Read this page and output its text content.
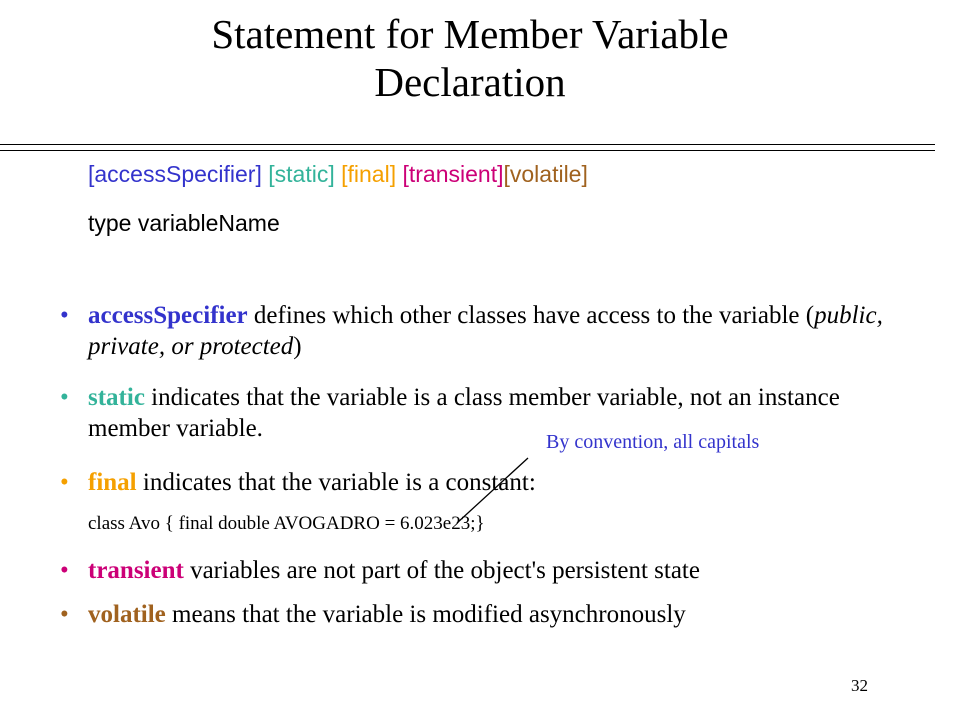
Statement for Member Variable
Declaration
[accessSpecifier] [static] [final] [transient][volatile]
type variableName
• accessSpecifier defines which other classes have access to the variable (public, private, or protected)
• static indicates that the variable is a class member variable, not an instance member variable.
• final indicates that the variable is a constant:
class Avo { final double AVOGADRO = 6.023e23;}
• transient variables are not part of the object's persistent state
• volatile means that the variable is modified asynchronously
By convention, all capitals
32
